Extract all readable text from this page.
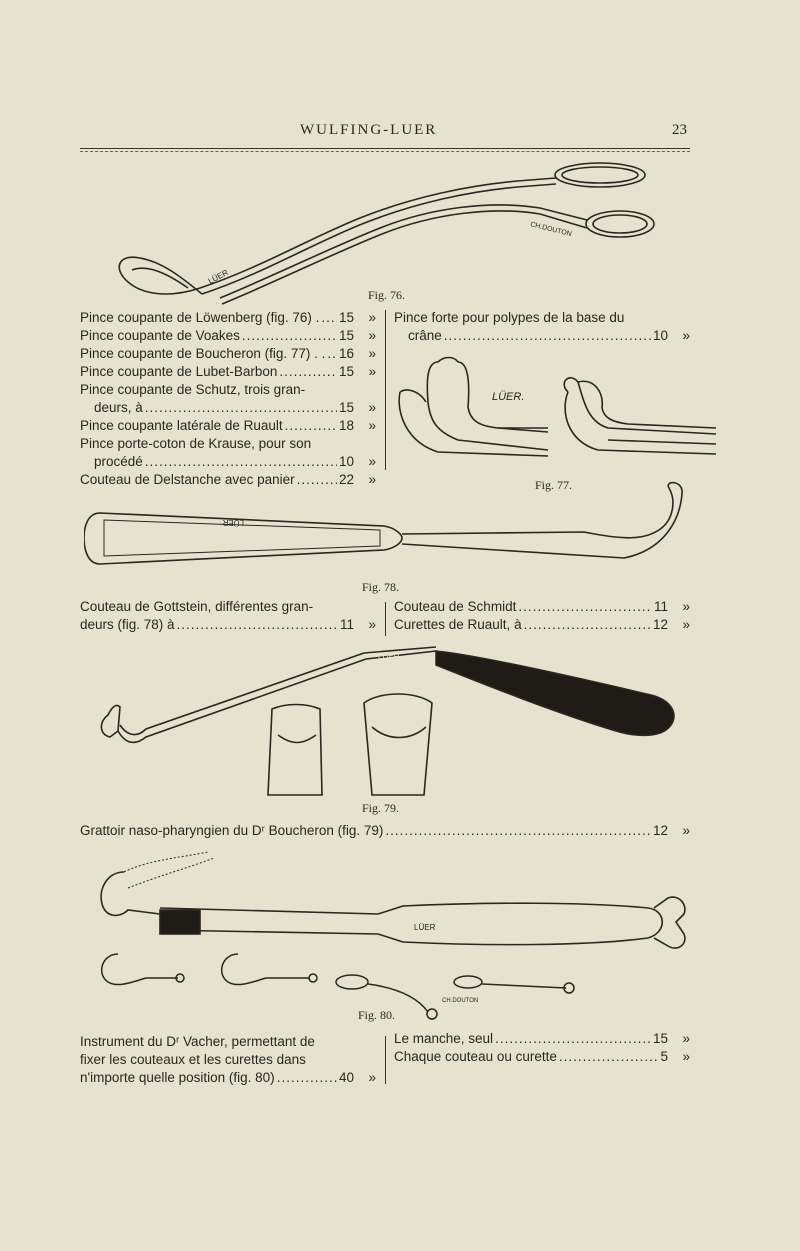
WULFING-LUER	23
CH.DOUTON
LÜER
Fig. 76.
Pince coupante de Löwenberg (fig. 76) . ..... 15	»
Pince coupante de Voakes .....	15	»
Pince coupante de Boucheron (fig. 77) . . ..... 16	»
Pince coupante de Lubet-Barbon .....	15	»
Pince coupante de Schutz, trois gran-
deurs, à .....	15	»
Pince coupante latérale de Ruault .....	18	»
Pince porte-coton de Krause, pour son
procédé .....	10	»
Couteau de Delstanche avec panier .....	22	»
Pince forte pour polypes de la base du
crâne .....	10	»
LÜER.
Fig. 77.
LÜER
Fig. 78.
Couteau de Gottstein, différentes gran-
deurs (fig. 78) à .....	11	»
Couteau de Schmidt .....	11	»
Curettes de Ruault, à .....	12	»
LÜER
Fig. 79.
Grattoir naso-pharyngien du Dʳ Boucheron (fig. 79) .....	12	»
LÜER
CH.DOUTON
Fig. 80.
Instrument du Dʳ Vacher, permettant de
fixer les couteaux et les curettes dans
n'importe quelle position (fig. 80) .....	40	»
Le manche, seul .....	15	»
Chaque couteau ou curette .....	5	»
